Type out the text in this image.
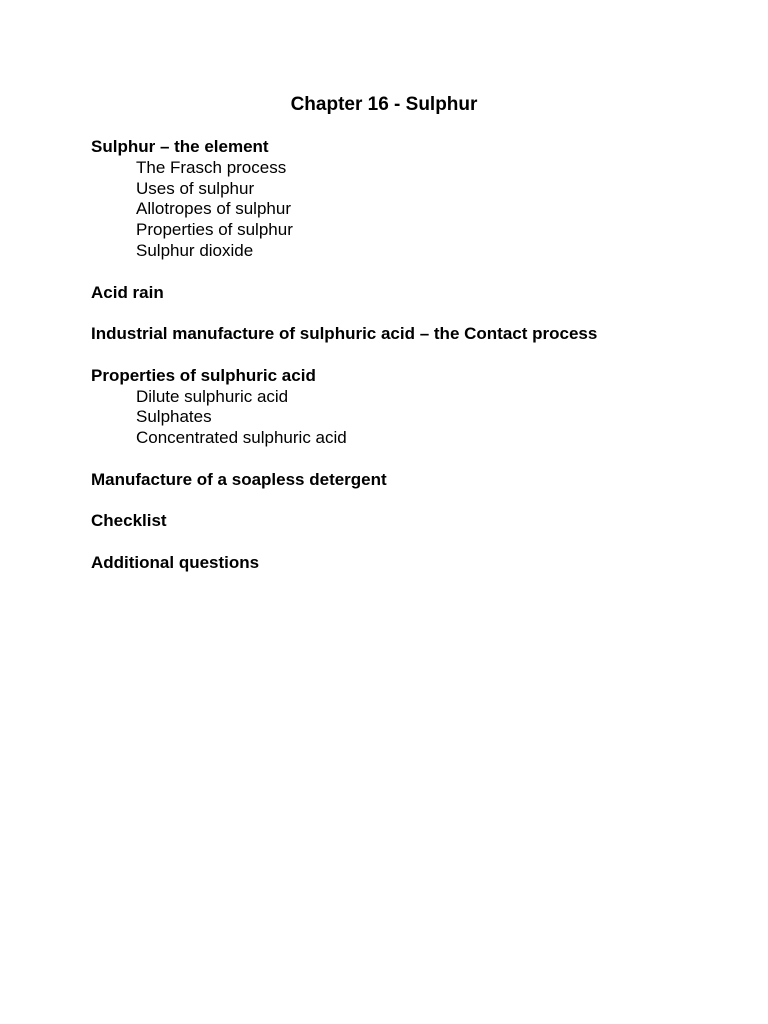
Chapter 16 - Sulphur
Sulphur – the element
The Frasch process
Uses of sulphur
Allotropes of sulphur
Properties of sulphur
Sulphur dioxide
Acid rain
Industrial manufacture of sulphuric acid – the Contact process
Properties of sulphuric acid
Dilute sulphuric acid
Sulphates
Concentrated sulphuric acid
Manufacture of a soapless detergent
Checklist
Additional questions
